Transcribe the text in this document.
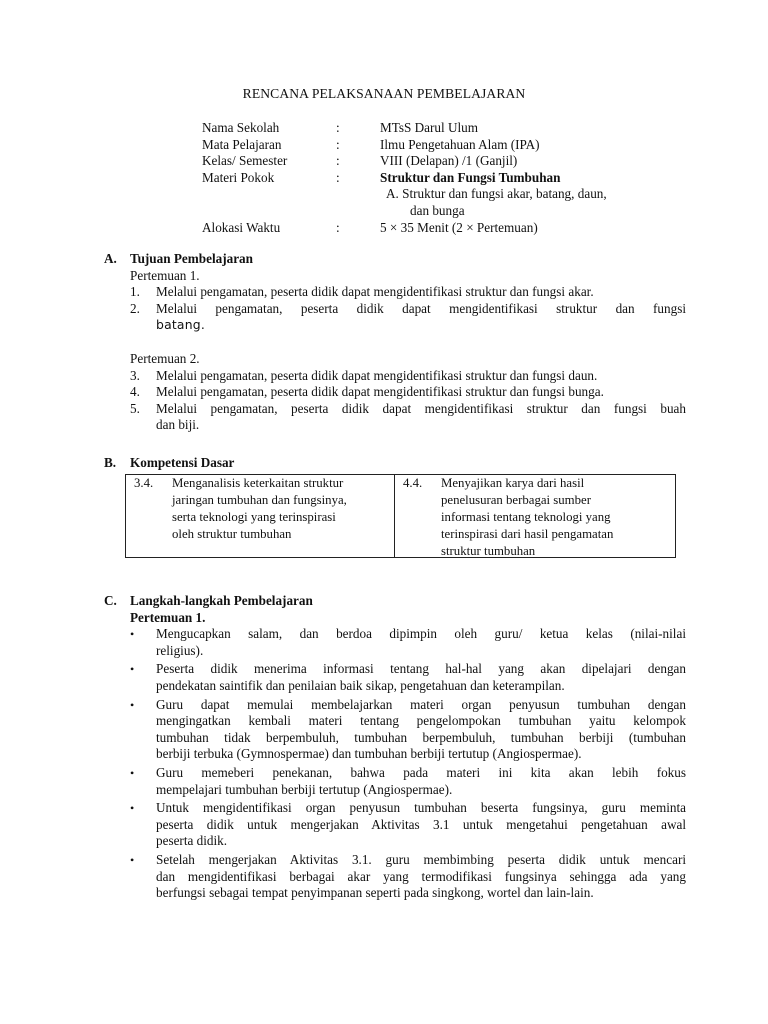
RENCANA PELAKSANAAN PEMBELAJARAN
Nama Sekolah	:	MTsS Darul Ulum
Mata Pelajaran	:	Ilmu Pengetahuan Alam (IPA)
Kelas/ Semester	:	VIII (Delapan) /1 (Ganjil)
Materi Pokok	:	Struktur dan Fungsi Tumbuhan
A. Struktur dan fungsi akar, batang, daun,
dan bunga
Alokasi Waktu	:	5 × 35 Menit (2 × Pertemuan)
A. Tujuan Pembelajaran
Pertemuan 1.
1.	Melalui pengamatan, peserta didik dapat mengidentifikasi struktur dan fungsi akar.
2.	Melalui pengamatan, peserta didik dapat mengidentifikasi struktur dan fungsi
batang.
Pertemuan 2.
3.	Melalui pengamatan, peserta didik dapat mengidentifikasi struktur dan fungsi daun.
4.	Melalui pengamatan, peserta didik dapat mengidentifikasi struktur dan fungsi bunga.
5.	Melalui pengamatan, peserta didik dapat mengidentifikasi struktur dan fungsi buah
dan biji.
B.	Kompetensi Dasar
3.4.	Menganalisis keterkaitan struktur
jaringan tumbuhan dan fungsinya,
serta teknologi yang terinspirasi
oleh struktur tumbuhan
4.4.	Menyajikan karya dari hasil
penelusuran berbagai sumber
informasi tentang teknologi yang
terinspirasi dari hasil pengamatan
struktur tumbuhan
C. Langkah-langkah Pembelajaran
Pertemuan 1.
•	Mengucapkan salam, dan berdoa dipimpin oleh guru/ ketua kelas (nilai-nilai
religius).
•	Peserta didik menerima informasi tentang hal-hal yang akan dipelajari dengan
pendekatan saintifik dan penilaian baik sikap, pengetahuan dan keterampilan.
•	Guru dapat memulai membelajarkan materi organ penyusun tumbuhan dengan
mengingatkan kembali materi tentang pengelompokan tumbuhan yaitu kelompok
tumbuhan tidak berpembuluh, tumbuhan berpembuluh, tumbuhan berbiji (tumbuhan
berbiji terbuka (Gymnospermae) dan tumbuhan berbiji tertutup (Angiospermae).
•	Guru memeberi penekanan, bahwa pada materi ini kita akan lebih fokus
mempelajari tumbuhan berbiji tertutup (Angiospermae).
•	Untuk mengidentifikasi organ penyusun tumbuhan beserta fungsinya, guru meminta
peserta didik untuk mengerjakan Aktivitas 3.1 untuk mengetahui pengetahuan awal
peserta didik.
•	Setelah mengerjakan Aktivitas 3.1. guru membimbing peserta didik untuk mencari
dan mengidentifikasi berbagai akar yang termodifikasi fungsinya sehingga ada yang
berfungsi sebagai tempat penyimpanan seperti pada singkong, wortel dan lain-lain.
